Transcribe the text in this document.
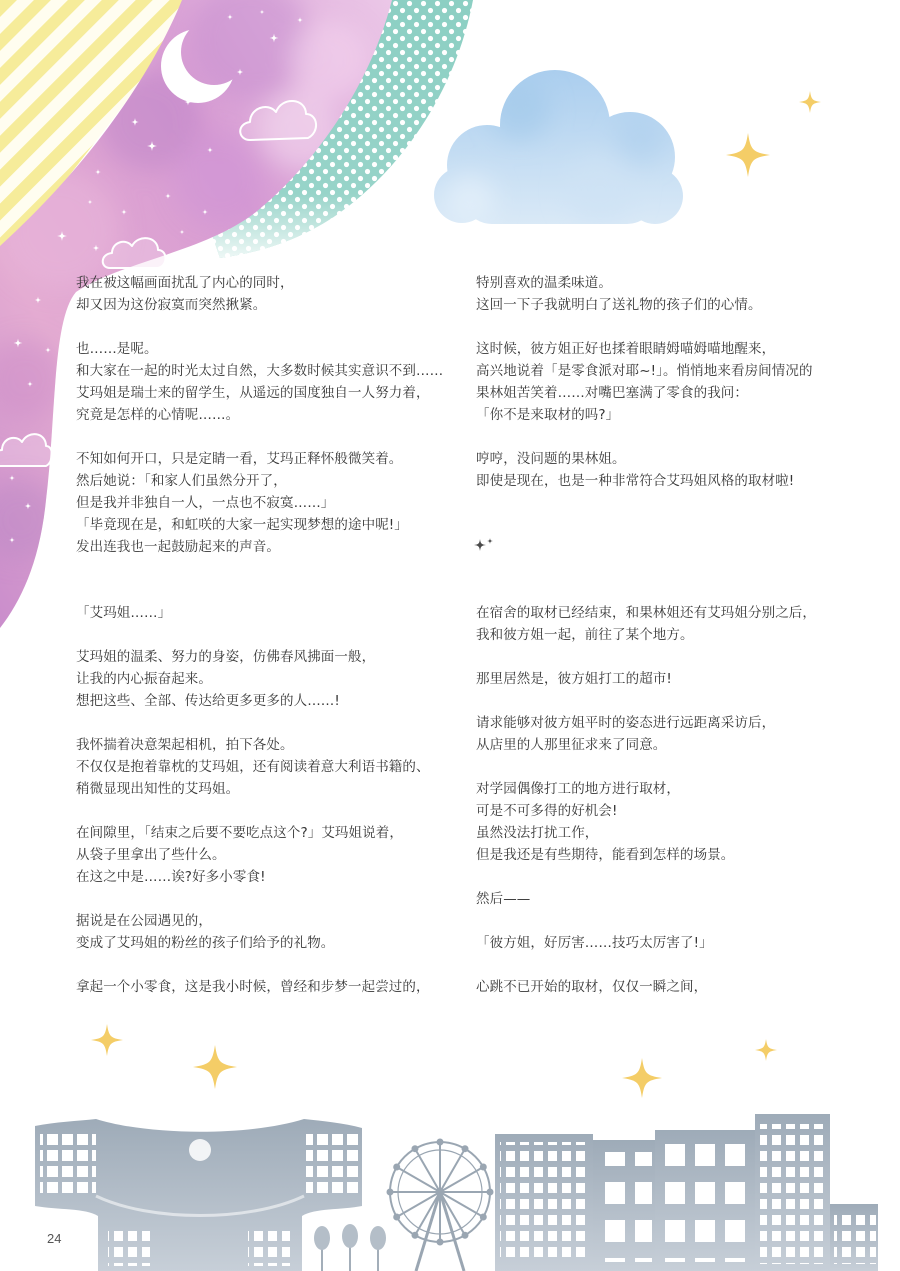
我在被这幅画面扰乱了内心的同时，
却又因为这份寂寞而突然揪紧。

也……是呢。
和大家在一起的时光太过自然，大多数时候其实意识不到……
艾玛姐是瑞士来的留学生，从遥远的国度独自一人努力着，
究竟是怎样的心情呢……。

不知如何开口，只是定睛一看，艾玛正释怀般微笑着。
然后她说：「和家人们虽然分开了，
但是我并非独自一人，一点也不寂寞……」
「毕竟现在是，和虹咲的大家一起实现梦想的途中呢!」
发出连我也一起鼓励起来的声音。

「艾玛姐……」

艾玛姐的温柔、努力的身姿，仿佛春风拂面一般，
让我的内心振奋起来。
想把这些、全部、传达给更多更多的人……!

我怀揣着决意架起相机，拍下各处。
不仅仅是抱着靠枕的艾玛姐，还有阅读着意大利语书籍的、
稍微显现出知性的艾玛姐。

在间隙里，「结束之后要不要吃点这个?」艾玛姐说着，
从袋子里拿出了些什么。
在这之中是……诶?好多小零食!

据说是在公园遇见的，
变成了艾玛姐的粉丝的孩子们给予的礼物。

拿起一个小零食，这是我小时候，曾经和步梦一起尝过的，

特别喜欢的温柔味道。
这回一下子我就明白了送礼物的孩子们的心情。

这时候，彼方姐正好也揉着眼睛姆喵姆喵地醒来，
高兴地说着「是零食派对耶~!」。悄悄地来看房间情况的
果林姐苦笑着……对嘴巴塞满了零食的我问：
「你不是来取材的吗?」

哼哼，没问题的果林姐。
即使是现在，也是一种非常符合艾玛姐风格的取材啦!

在宿舍的取材已经结束，和果林姐还有艾玛姐分别之后，
我和彼方姐一起，前往了某个地方。

那里居然是，彼方姐打工的超市!

请求能够对彼方姐平时的姿态进行远距离采访后，
从店里的人那里征求来了同意。

对学园偶像打工的地方进行取材，
可是不可多得的好机会!
虽然没法打扰工作，
但是我还是有些期待，能看到怎样的场景。

然后——

「彼方姐，好厉害……技巧太厉害了!」

心跳不已开始的取材，仅仅一瞬之间，

24
